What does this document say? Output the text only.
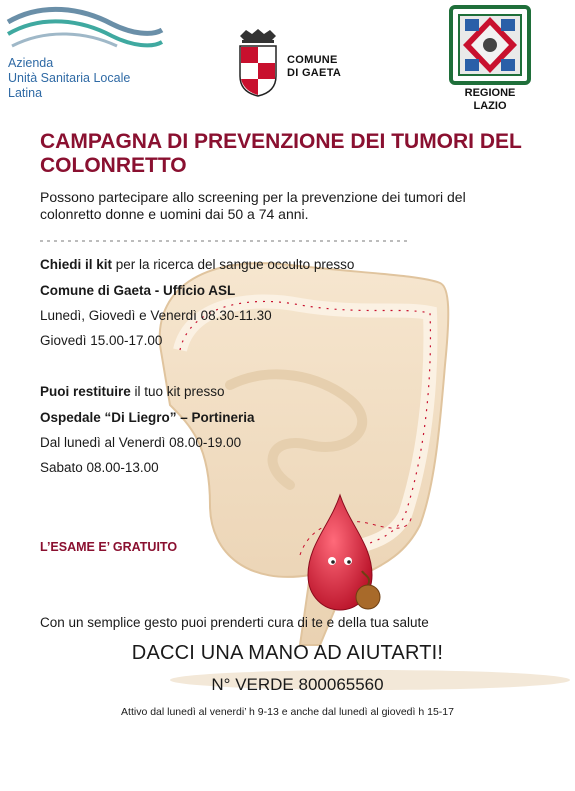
Azienda
Unità Sanitaria Locale
Latina
COMUNE
DI GAETA
REGIONE
LAZIO
CAMPAGNA DI PREVENZIONE DEI TUMORI DEL COLONRETTO

Possono partecipare allo screening per la prevenzione dei tumori del colonretto donne e uomini dai 50 a 74 anni.

Chiedi il kit per la ricerca del sangue occulto presso

Comune di Gaeta - Ufficio ASL

Lunedì, Giovedì e Venerdì 08.30-11.30

Giovedì 15.00-17.00

Puoi restituire il tuo kit presso

Ospedale “Di Liegro” – Portineria

Dal lunedì al Venerdì 08.00-19.00

Sabato 08.00-13.00

L’ESAME E’ GRATUITO

Con un semplice gesto puoi prenderti cura di te e della tua salute

DACCI UNA MANO AD AIUTARTI!

N° VERDE 800065560

Attivo dal lunedì al venerdi’ h 9-13 e anche dal lunedì al giovedì h 15-17
